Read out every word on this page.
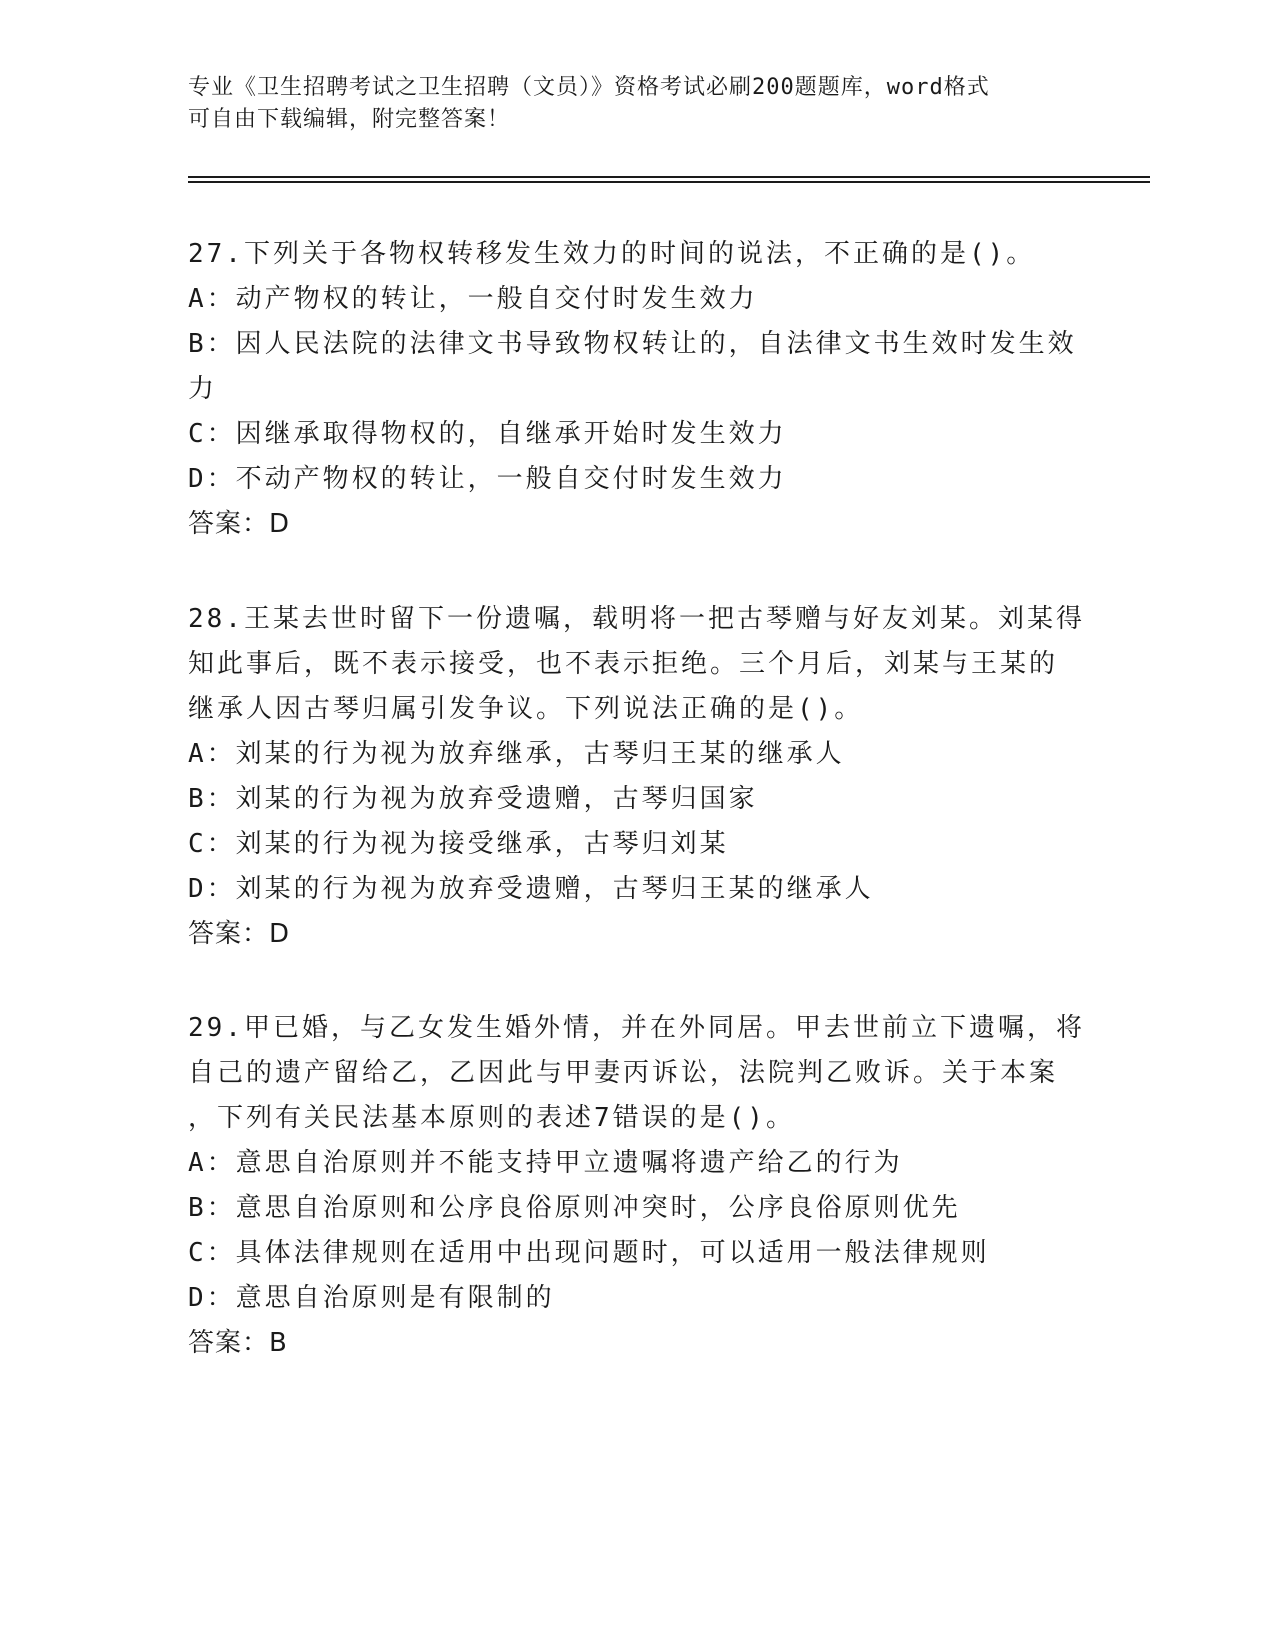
专业《卫生招聘考试之卫生招聘（文员）》资格考试必刷200题题库，word格式

可自由下载编辑，附完整答案！

27.下列关于各物权转移发生效力的时间的说法，不正确的是()。

A：动产物权的转让，一般自交付时发生效力

B：因人民法院的法律文书导致物权转让的，自法律文书生效时发生效

力

C：因继承取得物权的，自继承开始时发生效力

D：不动产物权的转让，一般自交付时发生效力

答案：D

28.王某去世时留下一份遗嘱，载明将一把古琴赠与好友刘某。刘某得

知此事后，既不表示接受，也不表示拒绝。三个月后，刘某与王某的

继承人因古琴归属引发争议。下列说法正确的是()。

A：刘某的行为视为放弃继承，古琴归王某的继承人

B：刘某的行为视为放弃受遗赠，古琴归国家

C：刘某的行为视为接受继承，古琴归刘某

D：刘某的行为视为放弃受遗赠，古琴归王某的继承人

答案：D

29.甲已婚，与乙女发生婚外情，并在外同居。甲去世前立下遗嘱，将

自己的遗产留给乙，乙因此与甲妻丙诉讼，法院判乙败诉。关于本案

，下列有关民法基本原则的表述7错误的是()。

A：意思自治原则并不能支持甲立遗嘱将遗产给乙的行为

B：意思自治原则和公序良俗原则冲突时，公序良俗原则优先

C：具体法律规则在适用中出现问题时，可以适用一般法律规则

D：意思自治原则是有限制的

答案：B
